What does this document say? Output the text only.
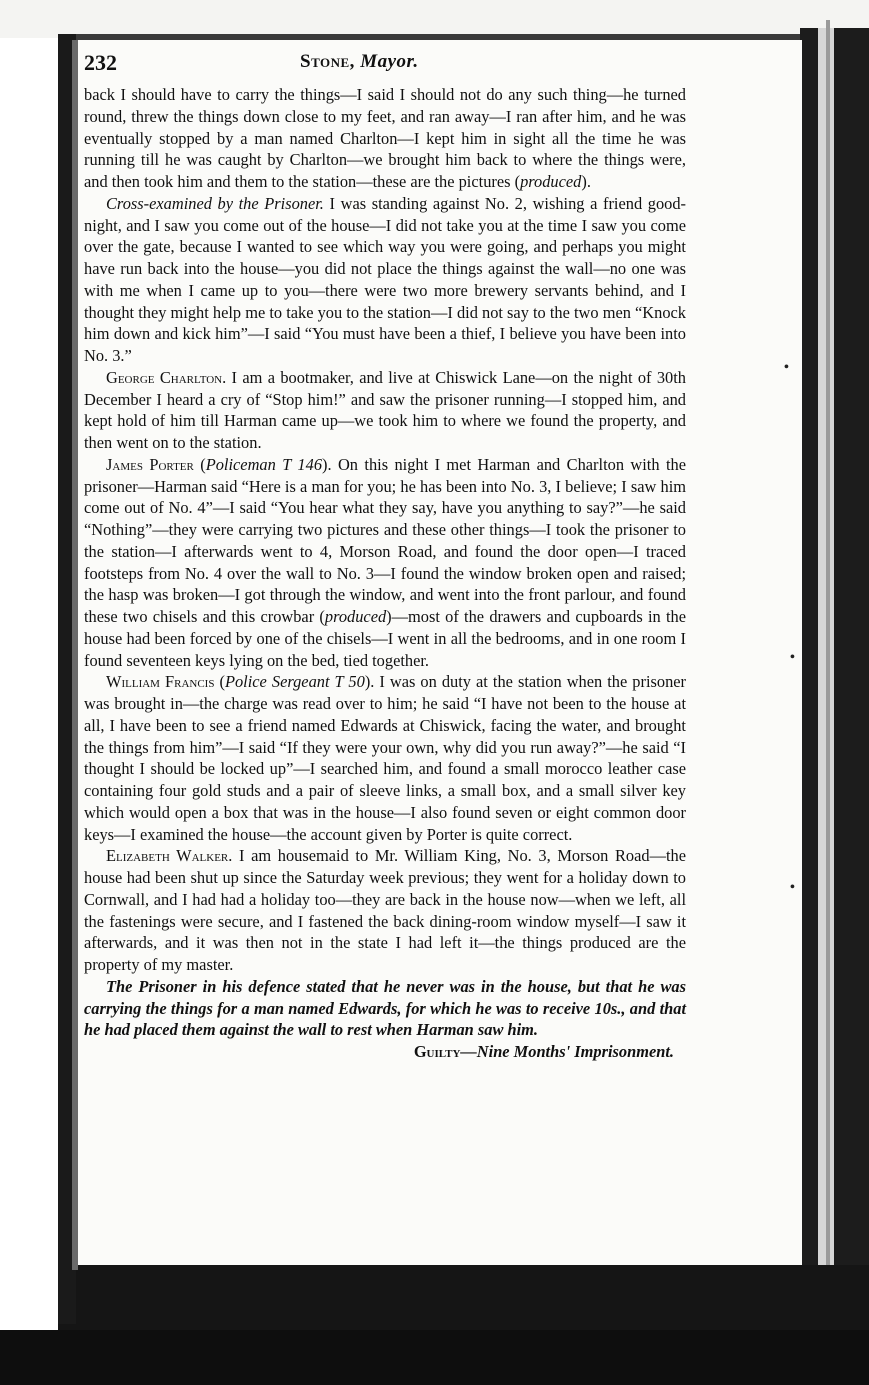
232	Stone, Mayor.

back I should have to carry the things—I said I should not do any such thing—he turned round, threw the things down close to my feet, and ran away—I ran after him, and he was eventually stopped by a man named Charlton—I kept him in sight all the time he was running till he was caught by Charlton—we brought him back to where the things were, and then took him and them to the station—these are the pictures (produced).

Cross-examined by the Prisoner. I was standing against No. 2, wishing a friend good-night, and I saw you come out of the house—I did not take you at the time I saw you come over the gate, because I wanted to see which way you were going, and perhaps you might have run back into the house—you did not place the things against the wall—no one was with me when I came up to you—there were two more brewery servants behind, and I thought they might help me to take you to the station—I did not say to the two men “Knock him down and kick him”—I said “You must have been a thief, I believe you have been into No. 3.”

George Charlton. I am a bootmaker, and live at Chiswick Lane—on the night of 30th December I heard a cry of “Stop him!” and saw the prisoner running—I stopped him, and kept hold of him till Harman came up—we took him to where we found the property, and then went on to the station.

James Porter (Policeman T 146). On this night I met Harman and Charlton with the prisoner—Harman said “Here is a man for you; he has been into No. 3, I believe; I saw him come out of No. 4”—I said “You hear what they say, have you anything to say?”—he said “Nothing”—they were carrying two pictures and these other things—I took the prisoner to the station—I afterwards went to 4, Morson Road, and found the door open—I traced footsteps from No. 4 over the wall to No. 3—I found the window broken open and raised; the hasp was broken—I got through the window, and went into the front parlour, and found these two chisels and this crowbar (produced)—most of the drawers and cupboards in the house had been forced by one of the chisels—I went in all the bedrooms, and in one room I found seventeen keys lying on the bed, tied together.

William Francis (Police Sergeant T 50). I was on duty at the station when the prisoner was brought in—the charge was read over to him; he said “I have not been to the house at all, I have been to see a friend named Edwards at Chiswick, facing the water, and brought the things from him”—I said “If they were your own, why did you run away?”—he said “I thought I should be locked up”—I searched him, and found a small morocco leather case containing four gold studs and a pair of sleeve links, a small box, and a small silver key which would open a box that was in the house—I also found seven or eight common door keys—I examined the house—the account given by Porter is quite correct.

Elizabeth Walker. I am housemaid to Mr. William King, No. 3, Morson Road—the house had been shut up since the Saturday week previous; they went for a holiday down to Cornwall, and I had had a holiday too—they are back in the house now—when we left, all the fastenings were secure, and I fastened the back dining-room window myself—I saw it afterwards, and it was then not in the state I had left it—the things produced are the property of my master.

The Prisoner in his defence stated that he never was in the house, but that he was carrying the things for a man named Edwards, for which he was to receive 10s., and that he had placed them against the wall to rest when Harman saw him.

Guilty—Nine Months' Imprisonment.
•
•
•
